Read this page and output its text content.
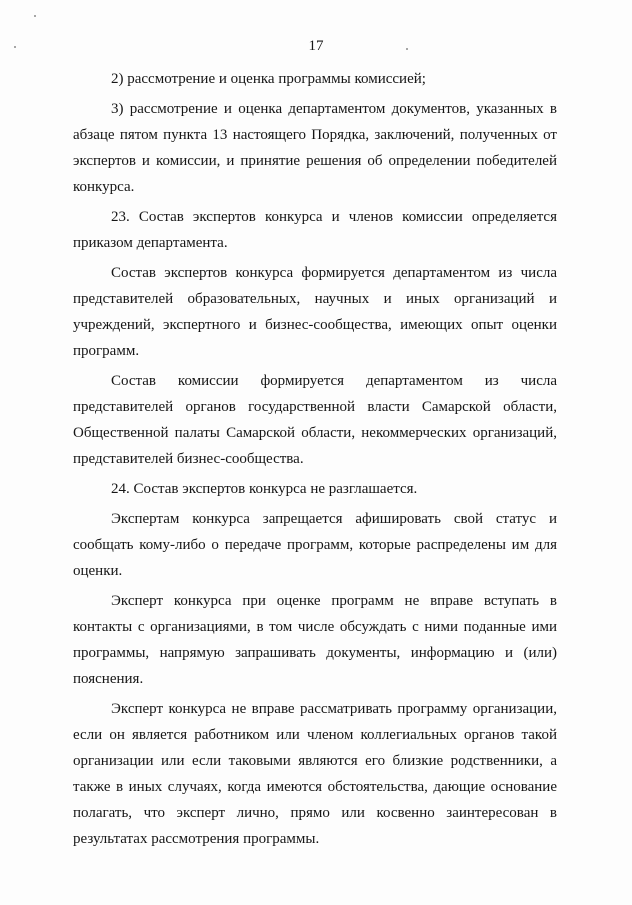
17

2) рассмотрение и оценка программы комиссией;

3) рассмотрение и оценка департаментом документов, указанных в абзаце пятом пункта 13 настоящего Порядка, заключений, полученных от экспертов и комиссии, и принятие решения об определении победителей конкурса.

23. Состав экспертов конкурса и членов комиссии определяется приказом департамента.

Состав экспертов конкурса формируется департаментом из числа представителей образовательных, научных и иных организаций и учреждений, экспертного и бизнес-сообщества, имеющих опыт оценки программ.

Состав комиссии формируется департаментом из числа представителей органов государственной власти Самарской области, Общественной палаты Самарской области, некоммерческих организаций, представителей бизнес-сообщества.

24. Состав экспертов конкурса не разглашается.

Экспертам конкурса запрещается афишировать свой статус и сообщать кому-либо о передаче программ, которые распределены им для оценки.

Эксперт конкурса при оценке программ не вправе вступать в контакты с организациями, в том числе обсуждать с ними поданные ими программы, напрямую запрашивать документы, информацию и (или) пояснения.

Эксперт конкурса не вправе рассматривать программу организации, если он является работником или членом коллегиальных органов такой организации или если таковыми являются его близкие родственники, а также в иных случаях, когда имеются обстоятельства, дающие основание полагать, что эксперт лично, прямо или косвенно заинтересован в результатах рассмотрения программы.
